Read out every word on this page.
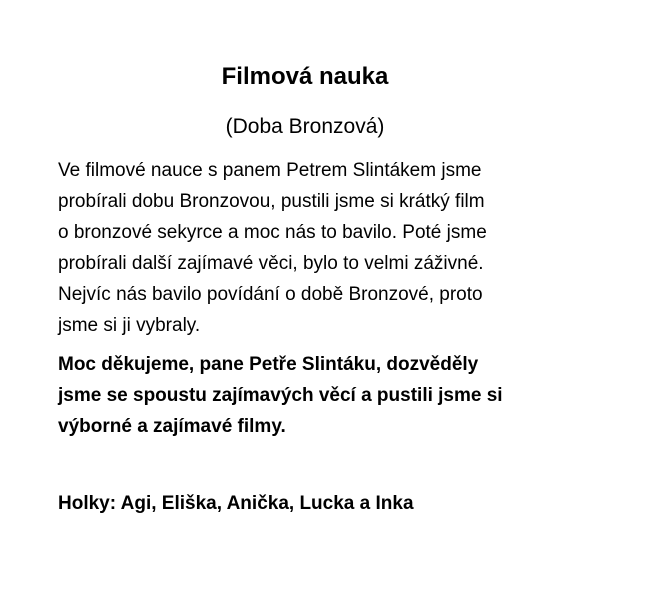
Filmová nauka
(Doba Bronzová)

Ve filmové nauce s panem Petrem Slintákem jsme
probírali dobu Bronzovou, pustili jsme si krátký film
o bronzové sekyrce a moc nás to bavilo. Poté jsme
probírali další zajímavé věci, bylo to velmi záživné.
Nejvíc nás bavilo povídání o době Bronzové, proto
jsme si ji vybraly.

Moc děkujeme, pane Petře Slintáku, dozvěděly
jsme se spoustu zajímavých věcí a pustili jsme si
výborné a zajímavé filmy.

Holky: Agi, Eliška, Anička, Lucka a Inka
